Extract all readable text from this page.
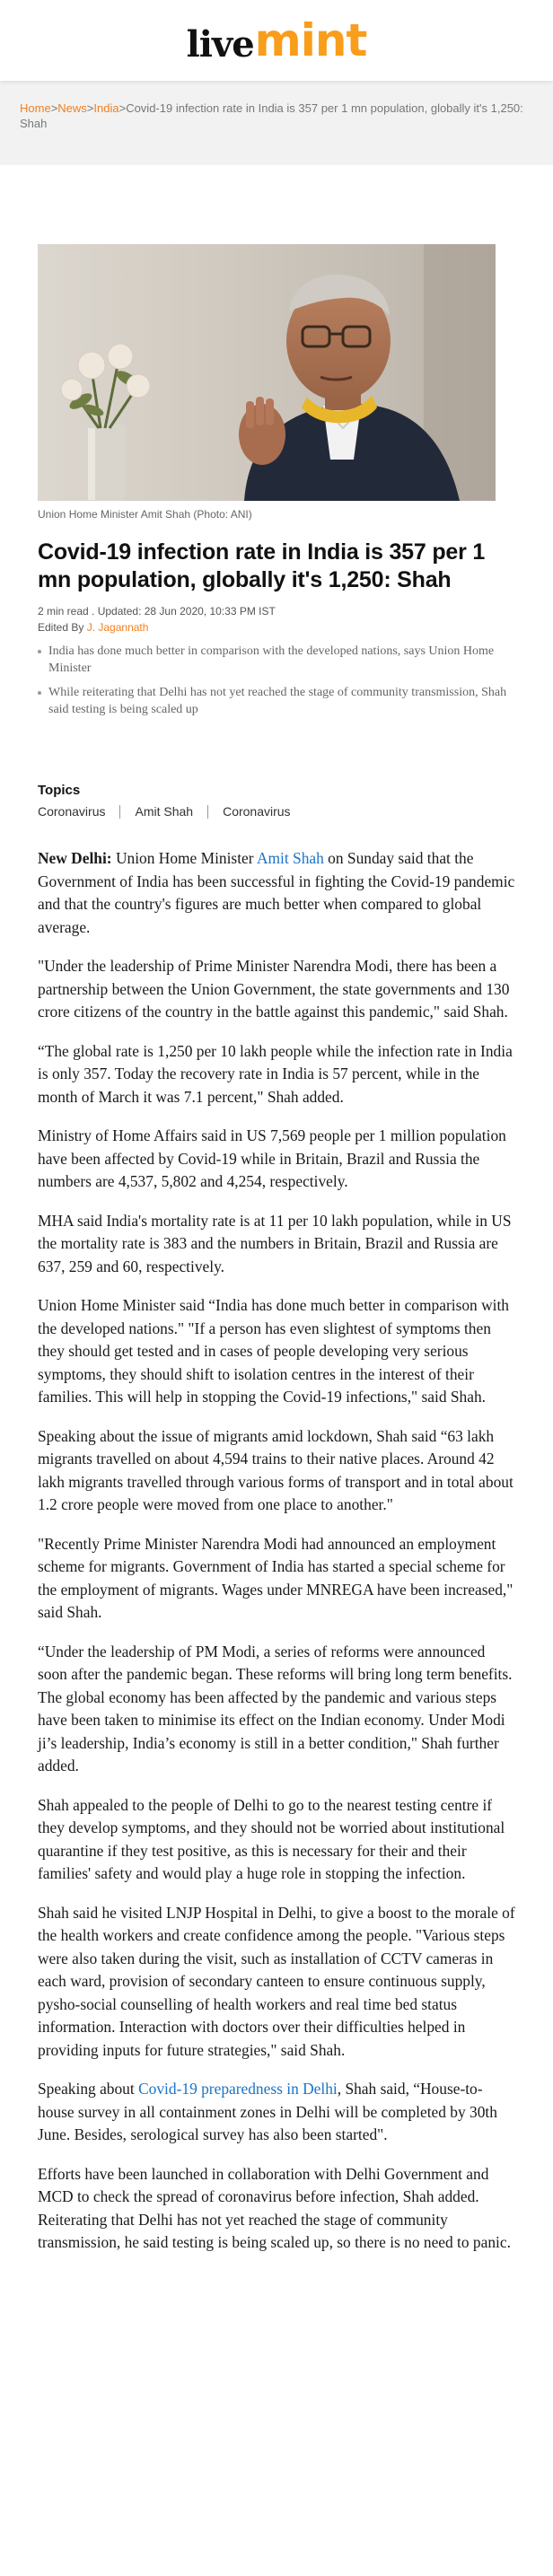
live mint
Home>News>India>Covid-19 infection rate in India is 357 per 1 mn population, globally it's 1,250: Shah
Union Home Minister Amit Shah (Photo: ANI)
Covid-19 infection rate in India is 357 per 1 mn population, globally it's 1,250: Shah
2 min read . Updated: 28 Jun 2020, 10:33 PM IST
Edited By J. Jagannath
India has done much better in comparison with the developed nations, says Union Home Minister
While reiterating that Delhi has not yet reached the stage of community transmission, Shah said testing is being scaled up
Topics
Coronavirus	Amit Shah	Coronavirus

New Delhi: Union Home Minister Amit Shah on Sunday said that the Government of India has been successful in fighting the Covid-19 pandemic and that the country's figures are much better when compared to global average.

"Under the leadership of Prime Minister Narendra Modi, there has been a partnership between the Union Government, the state governments and 130 crore citizens of the country in the battle against this pandemic," said Shah.

“The global rate is 1,250 per 10 lakh people while the infection rate in India is only 357. Today the recovery rate in India is 57 percent, while in the month of March it was 7.1 percent," Shah added.

Ministry of Home Affairs said in US 7,569 people per 1 million population have been affected by Covid-19 while in Britain, Brazil and Russia the numbers are 4,537, 5,802 and 4,254, respectively.

MHA said India's mortality rate is at 11 per 10 lakh population, while in US the mortality rate is 383 and the numbers in Britain, Brazil and Russia are 637, 259 and 60, respectively.

Union Home Minister said “India has done much better in comparison with the developed nations." "If a person has even slightest of symptoms then they should get tested and in cases of people developing very serious symptoms, they should shift to isolation centres in the interest of their families. This will help in stopping the Covid-19 infections," said Shah.

Speaking about the issue of migrants amid lockdown, Shah said “63 lakh migrants travelled on about 4,594 trains to their native places. Around 42 lakh migrants travelled through various forms of transport and in total about 1.2 crore people were moved from one place to another."

"Recently Prime Minister Narendra Modi had announced an employment scheme for migrants. Government of India has started a special scheme for the employment of migrants. Wages under MNREGA have been increased," said Shah.

“Under the leadership of PM Modi, a series of reforms were announced soon after the pandemic began. These reforms will bring long term benefits. The global economy has been affected by the pandemic and various steps have been taken to minimise its effect on the Indian economy. Under Modi ji’s leadership, India’s economy is still in a better condition," Shah further added.

Shah appealed to the people of Delhi to go to the nearest testing centre if they develop symptoms, and they should not be worried about institutional quarantine if they test positive, as this is necessary for their and their families' safety and would play a huge role in stopping the infection.

Shah said he visited LNJP Hospital in Delhi, to give a boost to the morale of the health workers and create confidence among the people. "Various steps were also taken during the visit, such as installation of CCTV cameras in each ward, provision of secondary canteen to ensure continuous supply, pysho-social counselling of health workers and real time bed status information. Interaction with doctors over their difficulties helped in providing inputs for future strategies," said Shah.

Speaking about Covid-19 preparedness in Delhi, Shah said, “House-to-house survey in all containment zones in Delhi will be completed by 30th June. Besides, serological survey has also been started".

Efforts have been launched in collaboration with Delhi Government and MCD to check the spread of coronavirus before infection, Shah added. Reiterating that Delhi has not yet reached the stage of community transmission, he said testing is being scaled up, so there is no need to panic.
